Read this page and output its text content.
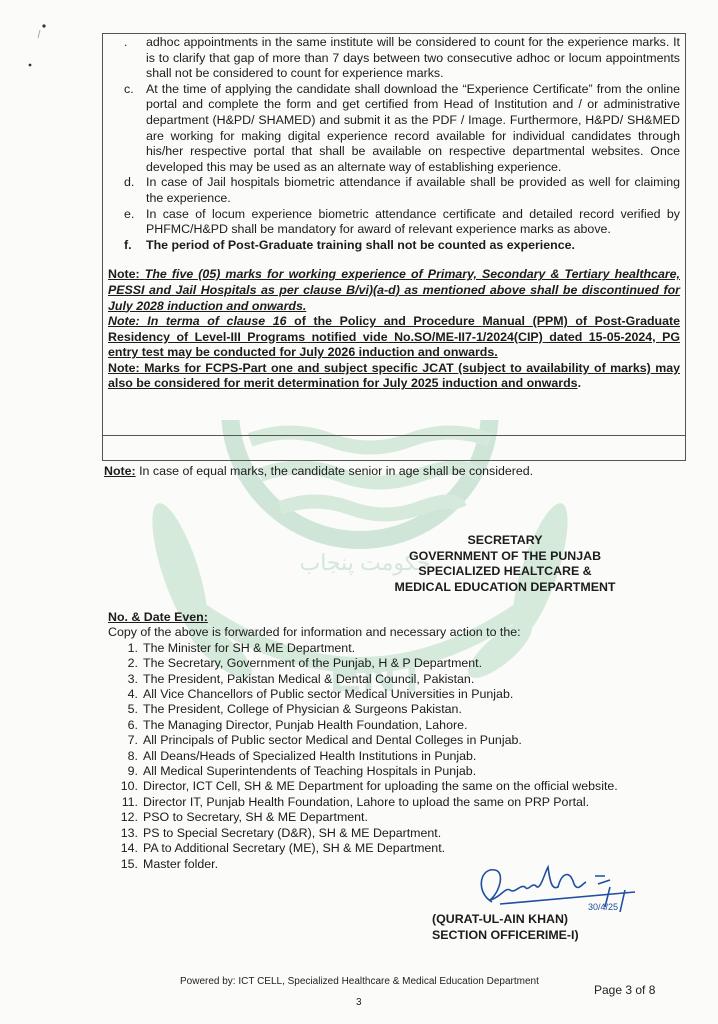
حکومت پنجاب
ENT
.	adhoc appointments in the same institute will be considered to count for the experience marks. It is to clarify that gap of more than 7 days between two consecutive adhoc or locum appointments shall not be considered to count for experience marks.
c. At the time of applying the candidate shall download the “Experience Certificate” from the online portal and complete the form and get certified from Head of Institution and / or administrative department (H&PD/ SHAMED) and submit it as the PDF / Image. Furthermore, H&PD/ SH&MED are working for making digital experience record available for individual candidates through his/her respective portal that shall be available on respective departmental websites. Once developed this may be used as an alternate way of establishing experience.
d. In case of Jail hospitals biometric attendance if available shall be provided as well for claiming the experience.
e. In case of locum experience biometric attendance certificate and detailed record verified by PHFMC/H&PD shall be mandatory for award of relevant experience marks as above.
f.	The period of Post-Graduate training shall not be counted as experience.
Note: The five (05) marks for working experience of Primary, Secondary & Tertiary healthcare, PESSI and Jail Hospitals as per clause B/vi)(a-d) as mentioned above shall be discontinued for July 2028 induction and onwards.
Note: In terma of clause 16 of the Policy and Procedure Manual (PPM) of Post-Graduate Residency of Level-III Programs notified vide No.SO/ME-II7-1/2024(CIP) dated 15-05-2024, PG entry test may be conducted for July 2026 induction and onwards.
Note: Marks for FCPS-Part one and subject specific JCAT (subject to availability of marks) may also be considered for merit determination for July 2025 induction and onwards.
Note: In case of equal marks, the candidate senior in age shall be considered.
SECRETARY
GOVERNMENT OF THE PUNJAB
SPECIALIZED HEALTCARE &
MEDICAL EDUCATION DEPARTMENT
No. & Date Even:
Copy of the above is forwarded for information and necessary action to the:
1. The Minister for SH & ME Department.
2. The Secretary, Government of the Punjab, H & P Department.
3. The President, Pakistan Medical & Dental Council, Pakistan.
4. All Vice Chancellors of Public sector Medical Universities in Punjab.
5. The President, College of Physician & Surgeons Pakistan.
6. The Managing Director, Punjab Health Foundation, Lahore.
7. All Principals of Public sector Medical and Dental Colleges in Punjab.
8. All Deans/Heads of Specialized Health Institutions in Punjab.
9. All Medical Superintendents of Teaching Hospitals in Punjab.
10. Director, ICT Cell, SH & ME Department for uploading the same on the official website.
11. Director IT, Punjab Health Foundation, Lahore to upload the same on PRP Portal.
12. PSO to Secretary, SH & ME Department.
13. PS to Special Secretary (D&R), SH & ME Department.
14. PA to Additional Secretary (ME), SH & ME Department.
15. Master folder.
30/4/25
(QURAT-UL-AIN KHAN)
SECTION OFFICERIME-I)
Powered by: ICT CELL, Specialized Healthcare & Medical Education Department
3
Page 3 of 8
